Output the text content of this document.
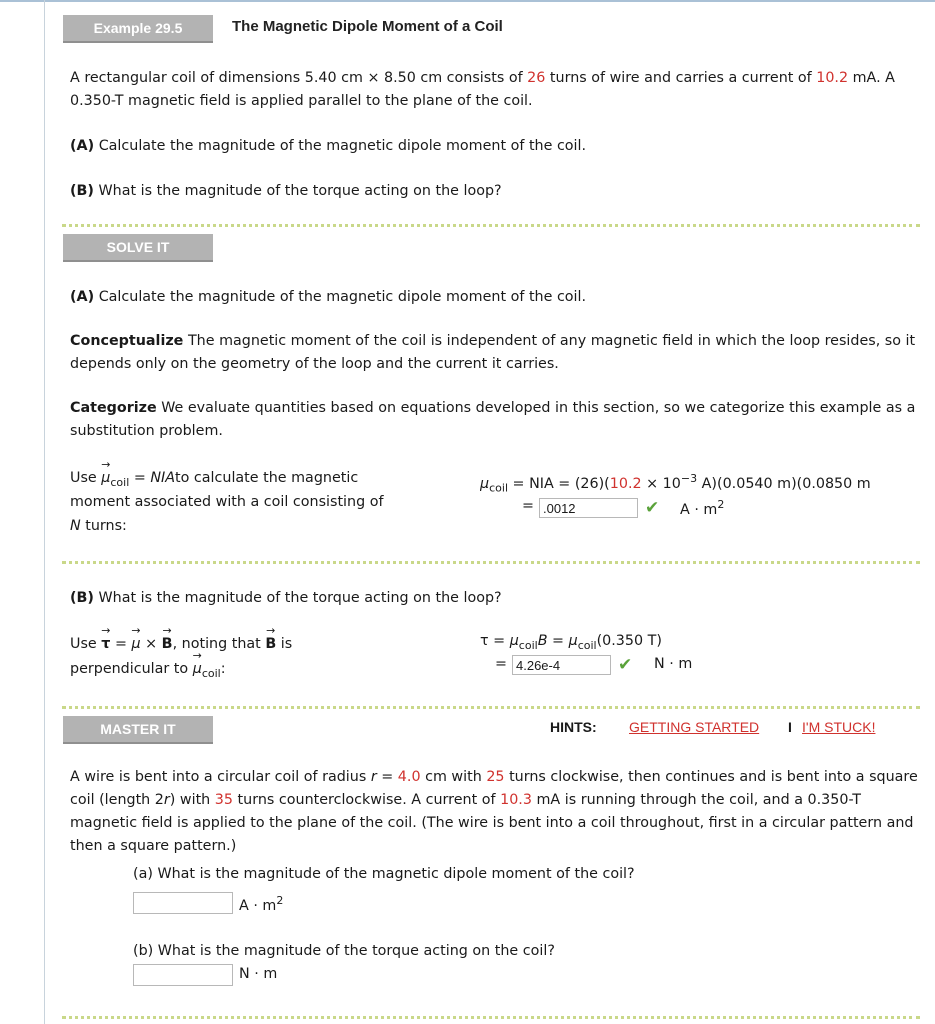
Example 29.5	The Magnetic Dipole Moment of a Coil

A rectangular coil of dimensions 5.40 cm × 8.50 cm consists of 26 turns of wire and carries a current of 10.2 mA. A 0.350-T magnetic field is applied parallel to the plane of the coil.

(A) Calculate the magnitude of the magnetic dipole moment of the coil.

(B) What is the magnitude of the torque acting on the loop?

SOLVE IT

(A) Calculate the magnitude of the magnetic dipole moment of the coil.

Conceptualize The magnetic moment of the coil is independent of any magnetic field in which the loop resides, so it depends only on the geometry of the loop and the current it carries.

Categorize We evaluate quantities based on equations developed in this section, so we categorize this example as a substitution problem.

Use → $\mu_{coil}$ = NIAto calculate the magnetic
moment associated with a coil consisting of
N turns:
$\mu_{coil}$ = NIA = $(26)(10.2 \times 10^{-3}$ A)(0.0540 m)(0.0850 m
= .0012	✔ $A \cdot m^2$

(B) What is the magnitude of the torque acting on the loop?

Use → τ = → μ × → B, noting that → B is
perpendicular to → $\mu_{coil}$:
$\tau = \mu_{coil}B = \mu_{coil}(0.350$ T)
= 4.26e-4	✔ N · m
MASTER IT	HINTS: GETTING STARTED I I'M STUCK!

A wire is bent into a circular coil of radius r = 4.0 cm with 25 turns clockwise, then continues and is bent into a square coil (length 2r) with 35 turns counterclockwise. A current of 10.3 mA is running through the coil, and a 0.350-T magnetic field is applied to the plane of the coil. (The wire is bent into a coil throughout, first in a circular pattern and then a square pattern.)

(a) What is the magnitude of the magnetic dipole moment of the coil?
$A \cdot m^2$
(b) What is the magnitude of the torque acting on the coil?
N · m
